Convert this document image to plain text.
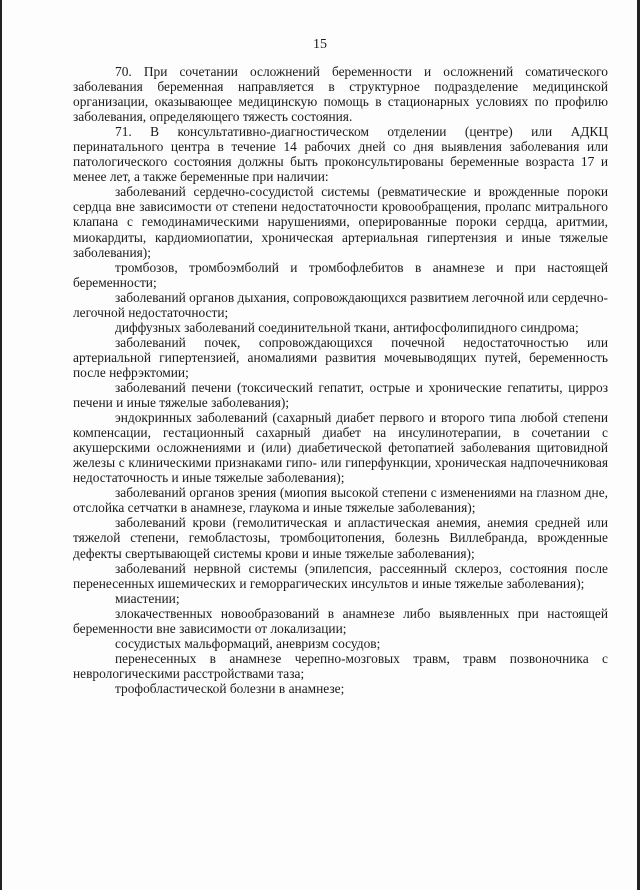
15

70. При сочетании осложнений беременности и осложнений соматического заболевания беременная направляется в структурное подразделение медицинской организации, оказывающее медицинскую помощь в стационарных условиях по профилю заболевания, определяющего тяжесть состояния.

71. В консультативно-диагностическом отделении (центре) или АДКЦ перинатального центра в течение 14 рабочих дней со дня выявления заболевания или патологического состояния должны быть проконсультированы беременные возраста 17 и менее лет, а также беременные при наличии:

заболеваний сердечно-сосудистой системы (ревматические и врожденные пороки сердца вне зависимости от степени недостаточности кровообращения, пролапс митрального клапана с гемодинамическими нарушениями, оперированные пороки сердца, аритмии, миокардиты, кардиомиопатии, хроническая артериальная гипертензия и иные тяжелые заболевания);

тромбозов, тромбоэмболий и тромбофлебитов в анамнезе и при настоящей беременности;

заболеваний органов дыхания, сопровождающихся развитием легочной или сердечно-легочной недостаточности;

диффузных заболеваний соединительной ткани, антифосфолипидного синдрома;

заболеваний почек, сопровождающихся почечной недостаточностью или артериальной гипертензией, аномалиями развития мочевыводящих путей, беременность после нефрэктомии;

заболеваний печени (токсический гепатит, острые и хронические гепатиты, цирроз печени и иные тяжелые заболевания);

эндокринных заболеваний (сахарный диабет первого и второго типа любой степени компенсации, гестационный сахарный диабет на инсулинотерапии, в сочетании с акушерскими осложнениями и (или) диабетической фетопатией заболевания щитовидной железы с клиническими признаками гипо- или гиперфункции, хроническая надпочечниковая недостаточность и иные тяжелые заболевания);

заболеваний органов зрения (миопия высокой степени с изменениями на глазном дне, отслойка сетчатки в анамнезе, глаукома и иные тяжелые заболевания);

заболеваний крови (гемолитическая и апластическая анемия, анемия средней или тяжелой степени, гемобластозы, тромбоцитопения, болезнь Виллебранда, врожденные дефекты свертывающей системы крови и иные тяжелые заболевания);

заболеваний нервной системы (эпилепсия, рассеянный склероз, состояния после перенесенных ишемических и геморрагических инсультов и иные тяжелые заболевания);

миастении;

злокачественных новообразований в анамнезе либо выявленных при настоящей беременности вне зависимости от локализации;

сосудистых мальформаций, аневризм сосудов;

перенесенных в анамнезе черепно-мозговых травм, травм позвоночника с неврологическими расстройствами таза;

трофобластической болезни в анамнезе;
